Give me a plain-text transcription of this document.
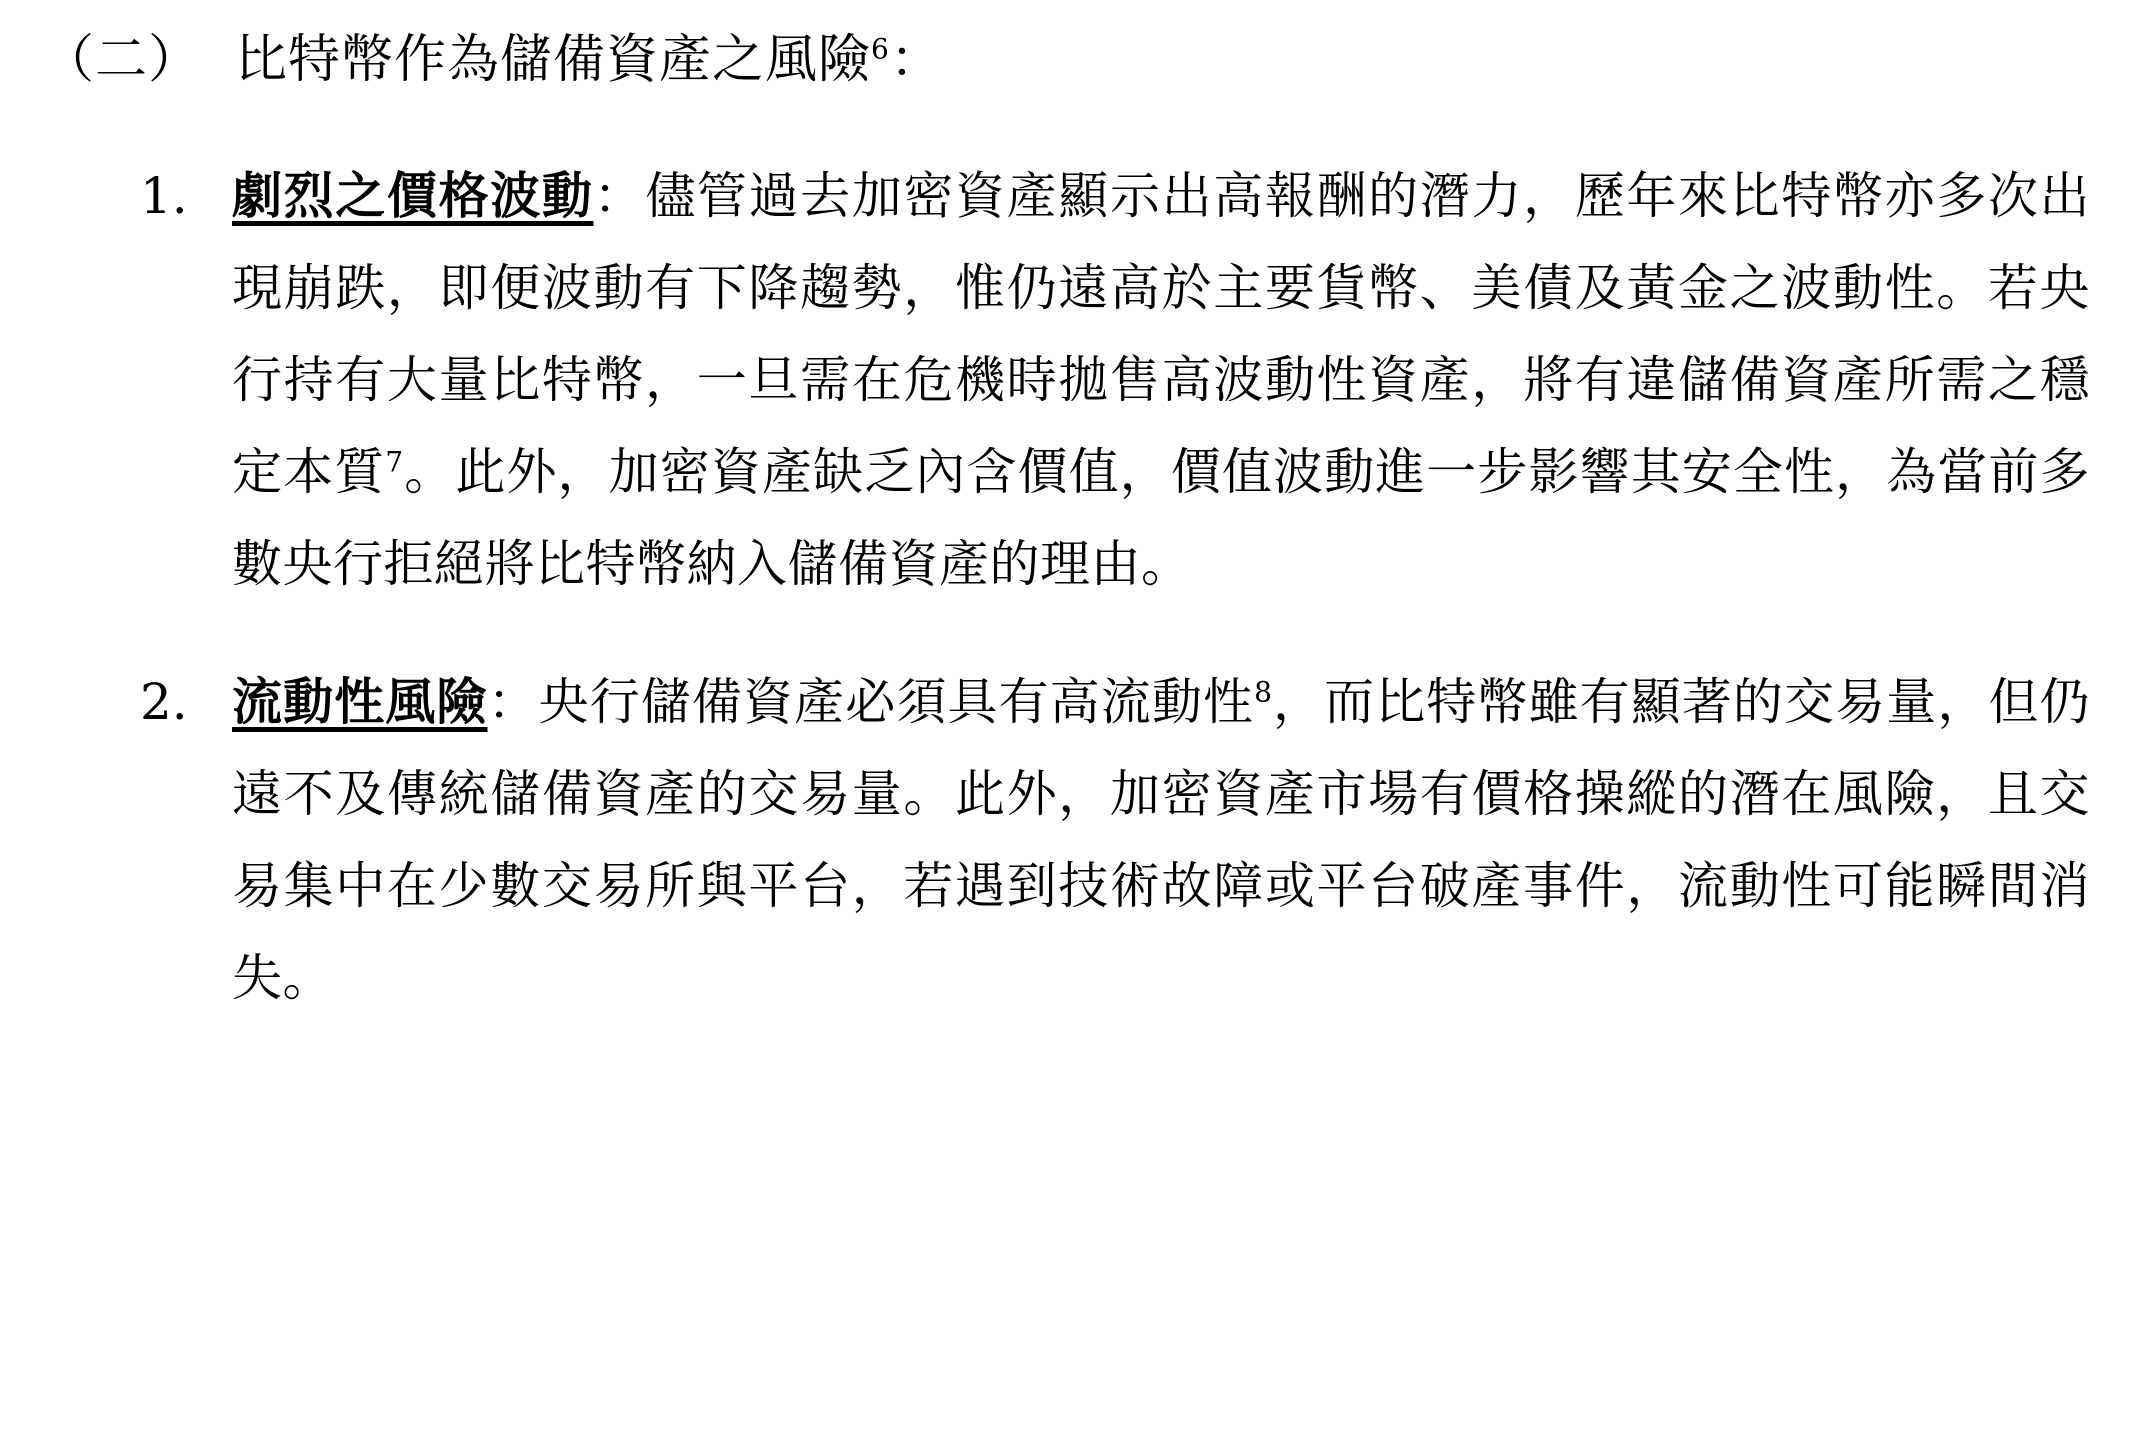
（二） 比特幣作為儲備資產之風險$^6$：
1. 劇烈之價格波動：儘管過去加密資產顯示出高報酬的潛力，歷年來比特幣亦多次出現崩跌，即便波動有下降趨勢，惟仍遠高於主要貨幣、美債及黃金之波動性。若央行持有大量比特幣，一旦需在危機時拋售高波動性資產，將有違儲備資產所需之穩定本質$^7$。此外，加密資產缺乏內含價值，價值波動進一步影響其安全性，為當前多數央行拒絕將比特幣納入儲備資產的理由。
2. 流動性風險：央行儲備資產必須具有高流動性$^8$，而比特幣雖有顯著的交易量，但仍遠不及傳統儲備資產的交易量。此外，加密資產市場有價格操縱的潛在風險，且交易集中在少數交易所與平台，若遇到技術故障或平台破產事件，流動性可能瞬間消失。
